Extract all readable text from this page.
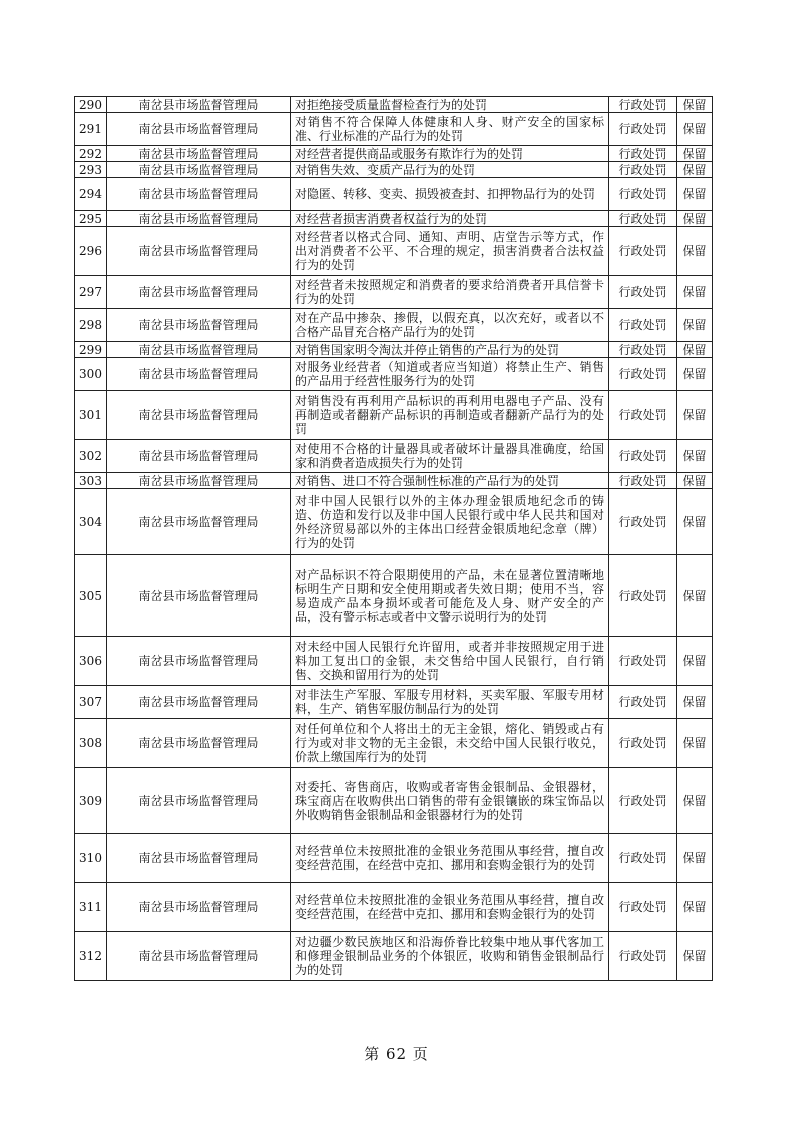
290	南岔县市场监督管理局	对拒绝接受质量监督检查行为的处罚	行政处罚	保留
291	南岔县市场监督管理局	对销售不符合保障人体健康和人身、财产安全的国家标准、行业标准的产品行为的处罚	行政处罚	保留
292	南岔县市场监督管理局	对经营者提供商品或服务有欺诈行为的处罚	行政处罚	保留
293	南岔县市场监督管理局	对销售失效、变质产品行为的处罚	行政处罚	保留
294	南岔县市场监督管理局	对隐匿、转移、变卖、损毁被查封、扣押物品行为的处罚	行政处罚	保留
295	南岔县市场监督管理局	对经营者损害消费者权益行为的处罚	行政处罚	保留
296	南岔县市场监督管理局	对经营者以格式合同、通知、声明、店堂告示等方式，作出对消费者不公平、不合理的规定，损害消费者合法权益行为的处罚	行政处罚	保留
297	南岔县市场监督管理局	对经营者未按照规定和消费者的要求给消费者开具信誉卡行为的处罚	行政处罚	保留
298	南岔县市场监督管理局	对在产品中掺杂、掺假，以假充真，以次充好，或者以不合格产品冒充合格产品行为的处罚	行政处罚	保留
299	南岔县市场监督管理局	对销售国家明令淘汰并停止销售的产品行为的处罚	行政处罚	保留
300	南岔县市场监督管理局	对服务业经营者（知道或者应当知道）将禁止生产、销售的产品用于经营性服务行为的处罚	行政处罚	保留
301	南岔县市场监督管理局	对销售没有再利用产品标识的再利用电器电子产品、没有再制造或者翻新产品标识的再制造或者翻新产品行为的处罚	行政处罚	保留
302	南岔县市场监督管理局	对使用不合格的计量器具或者破坏计量器具准确度，给国家和消费者造成损失行为的处罚	行政处罚	保留
303	南岔县市场监督管理局	对销售、进口不符合强制性标准的产品行为的处罚	行政处罚	保留
304	南岔县市场监督管理局	对非中国人民银行以外的主体办理金银质地纪念币的铸造、仿造和发行以及非中国人民银行或中华人民共和国对外经济贸易部以外的主体出口经营金银质地纪念章（牌）行为的处罚	行政处罚	保留
305	南岔县市场监督管理局	对产品标识不符合限期使用的产品，未在显著位置清晰地标明生产日期和安全使用期或者失效日期；使用不当，容易造成产品本身损坏或者可能危及人身、财产安全的产品，没有警示标志或者中文警示说明行为的处罚	行政处罚	保留
306	南岔县市场监督管理局	对未经中国人民银行允许留用，或者并非按照规定用于进料加工复出口的金银，未交售给中国人民银行，自行销售、交换和留用行为的处罚	行政处罚	保留
307	南岔县市场监督管理局	对非法生产军服、军服专用材料，买卖军服、军服专用材料，生产、销售军服仿制品行为的处罚	行政处罚	保留
308	南岔县市场监督管理局	对任何单位和个人将出土的无主金银，熔化、销毁或占有行为或对非文物的无主金银，未交给中国人民银行收兑，价款上缴国库行为的处罚	行政处罚	保留
309	南岔县市场监督管理局	对委托、寄售商店，收购或者寄售金银制品、金银器材，珠宝商店在收购供出口销售的带有金银镶嵌的珠宝饰品以外收购销售金银制品和金银器材行为的处罚	行政处罚	保留
310	南岔县市场监督管理局	对经营单位未按照批准的金银业务范围从事经营，擅自改变经营范围，在经营中克扣、挪用和套购金银行为的处罚	行政处罚	保留
311	南岔县市场监督管理局	对经营单位未按照批准的金银业务范围从事经营，擅自改变经营范围，在经营中克扣、挪用和套购金银行为的处罚	行政处罚	保留
312	南岔县市场监督管理局	对边疆少数民族地区和沿海侨眷比较集中地从事代客加工和修理金银制品业务的个体银匠，收购和销售金银制品行为的处罚	行政处罚	保留
第 62 页
